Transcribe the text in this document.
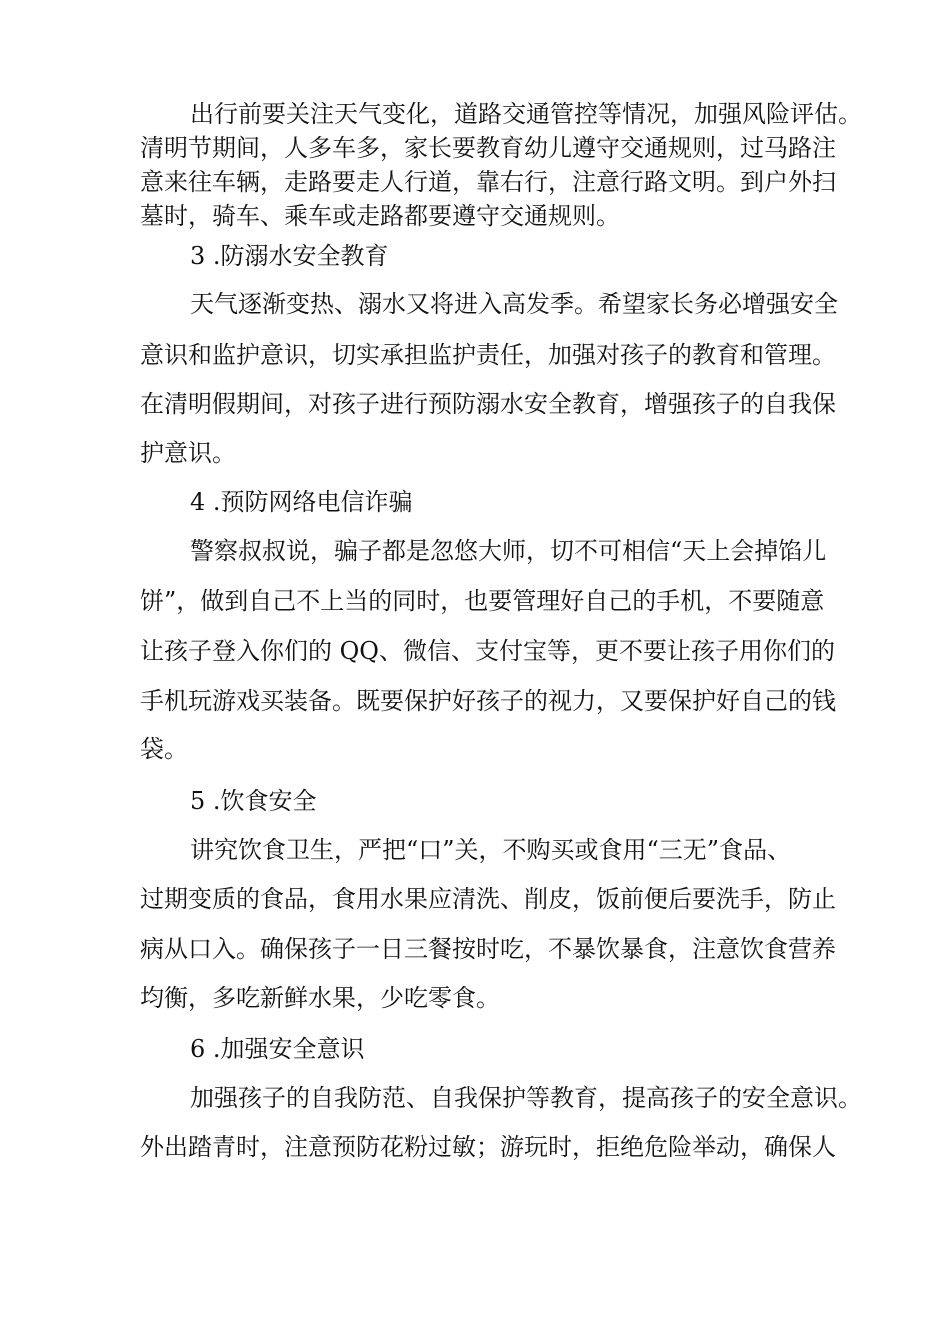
出行前要关注天气变化，道路交通管控等情况，加强风险评估。
清明节期间，人多车多，家长要教育幼儿遵守交通规则，过马路注
意来往车辆，走路要走人行道，靠右行，注意行路文明。到户外扫
墓时，骑车、乘车或走路都要遵守交通规则。
3 .防溺水安全教育
天气逐渐变热、溺水又将进入高发季。希望家长务必增强安全
意识和监护意识，切实承担监护责任，加强对孩子的教育和管理。
在清明假期间，对孩子进行预防溺水安全教育，增强孩子的自我保
护意识。
4 .预防网络电信诈骗
警察叔叔说，骗子都是忽悠大师，切不可相信“天上会掉馅儿
饼”，做到自己不上当的同时，也要管理好自己的手机，不要随意
让孩子登入你们的 QQ、微信、支付宝等，更不要让孩子用你们的
手机玩游戏买装备。既要保护好孩子的视力，又要保护好自己的钱
袋。
5 .饮食安全
讲究饮食卫生，严把“口”关，不购买或食用“三无”食品、
过期变质的食品，食用水果应清洗、削皮，饭前便后要洗手，防止
病从口入。确保孩子一日三餐按时吃，不暴饮暴食，注意饮食营养
均衡，多吃新鲜水果，少吃零食。
6 .加强安全意识
加强孩子的自我防范、自我保护等教育，提高孩子的安全意识。
外出踏青时，注意预防花粉过敏；游玩时，拒绝危险举动，确保人
